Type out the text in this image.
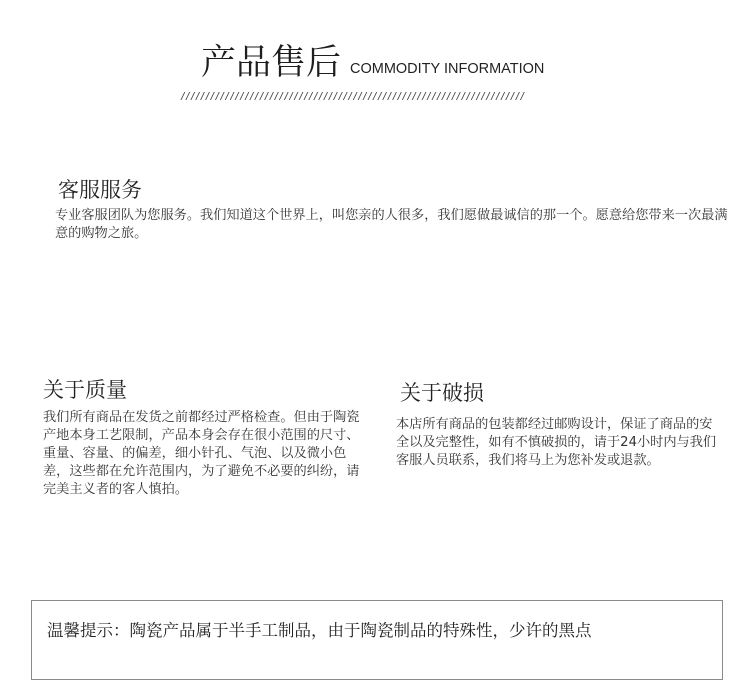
产品售后 COMMODITY INFORMATION
//////////////////////////////////////////////////////////////////////
客服服务
专业客服团队为您服务。我们知道这个世界上，叫您亲的人很多，我们愿做最诚信的那一个。愿意给您带来一次最满意的购物之旅。
关于质量
我们所有商品在发货之前都经过严格检查。但由于陶瓷产地本身工艺限制，产品本身会存在很小范围的尺寸、重量、容量、的偏差，细小针孔、气泡、以及微小色差，这些都在允许范围内，为了避免不必要的纠纷，请完美主义者的客人慎拍。
关于破损
本店所有商品的包装都经过邮购设计，保证了商品的安全以及完整性，如有不慎破损的，请于24小时内与我们客服人员联系，我们将马上为您补发或退款。
温馨提示：陶瓷产品属于半手工制品，由于陶瓷制品的特殊性，少许的黑点
